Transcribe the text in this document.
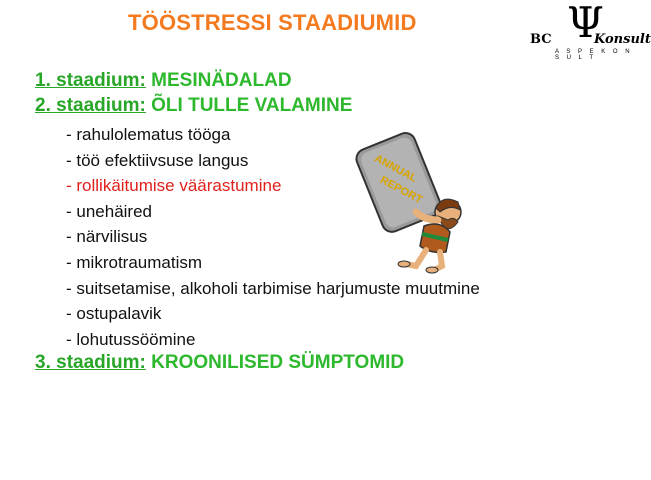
TÖÖSTRESSI STAADIUMID
BC Ψ
Konsult
A S P E K O N S U L T
1. staadium: MESINÄDALAD
2. staadium: ÕLI TULLE VALAMINE
- rahulolematus tööga
- töö efektiivsuse langus
- rollikäitumise väärastumine
- unehäired
- närvilisus
- mikrotraumatism
- suitsetamise, alkoholi tarbimise harjumuste muutmine
- ostupalavik
- lohutussöömine
3. staadium: KROONILISED SÜMPTOMID
ANNUAL
REPORT
